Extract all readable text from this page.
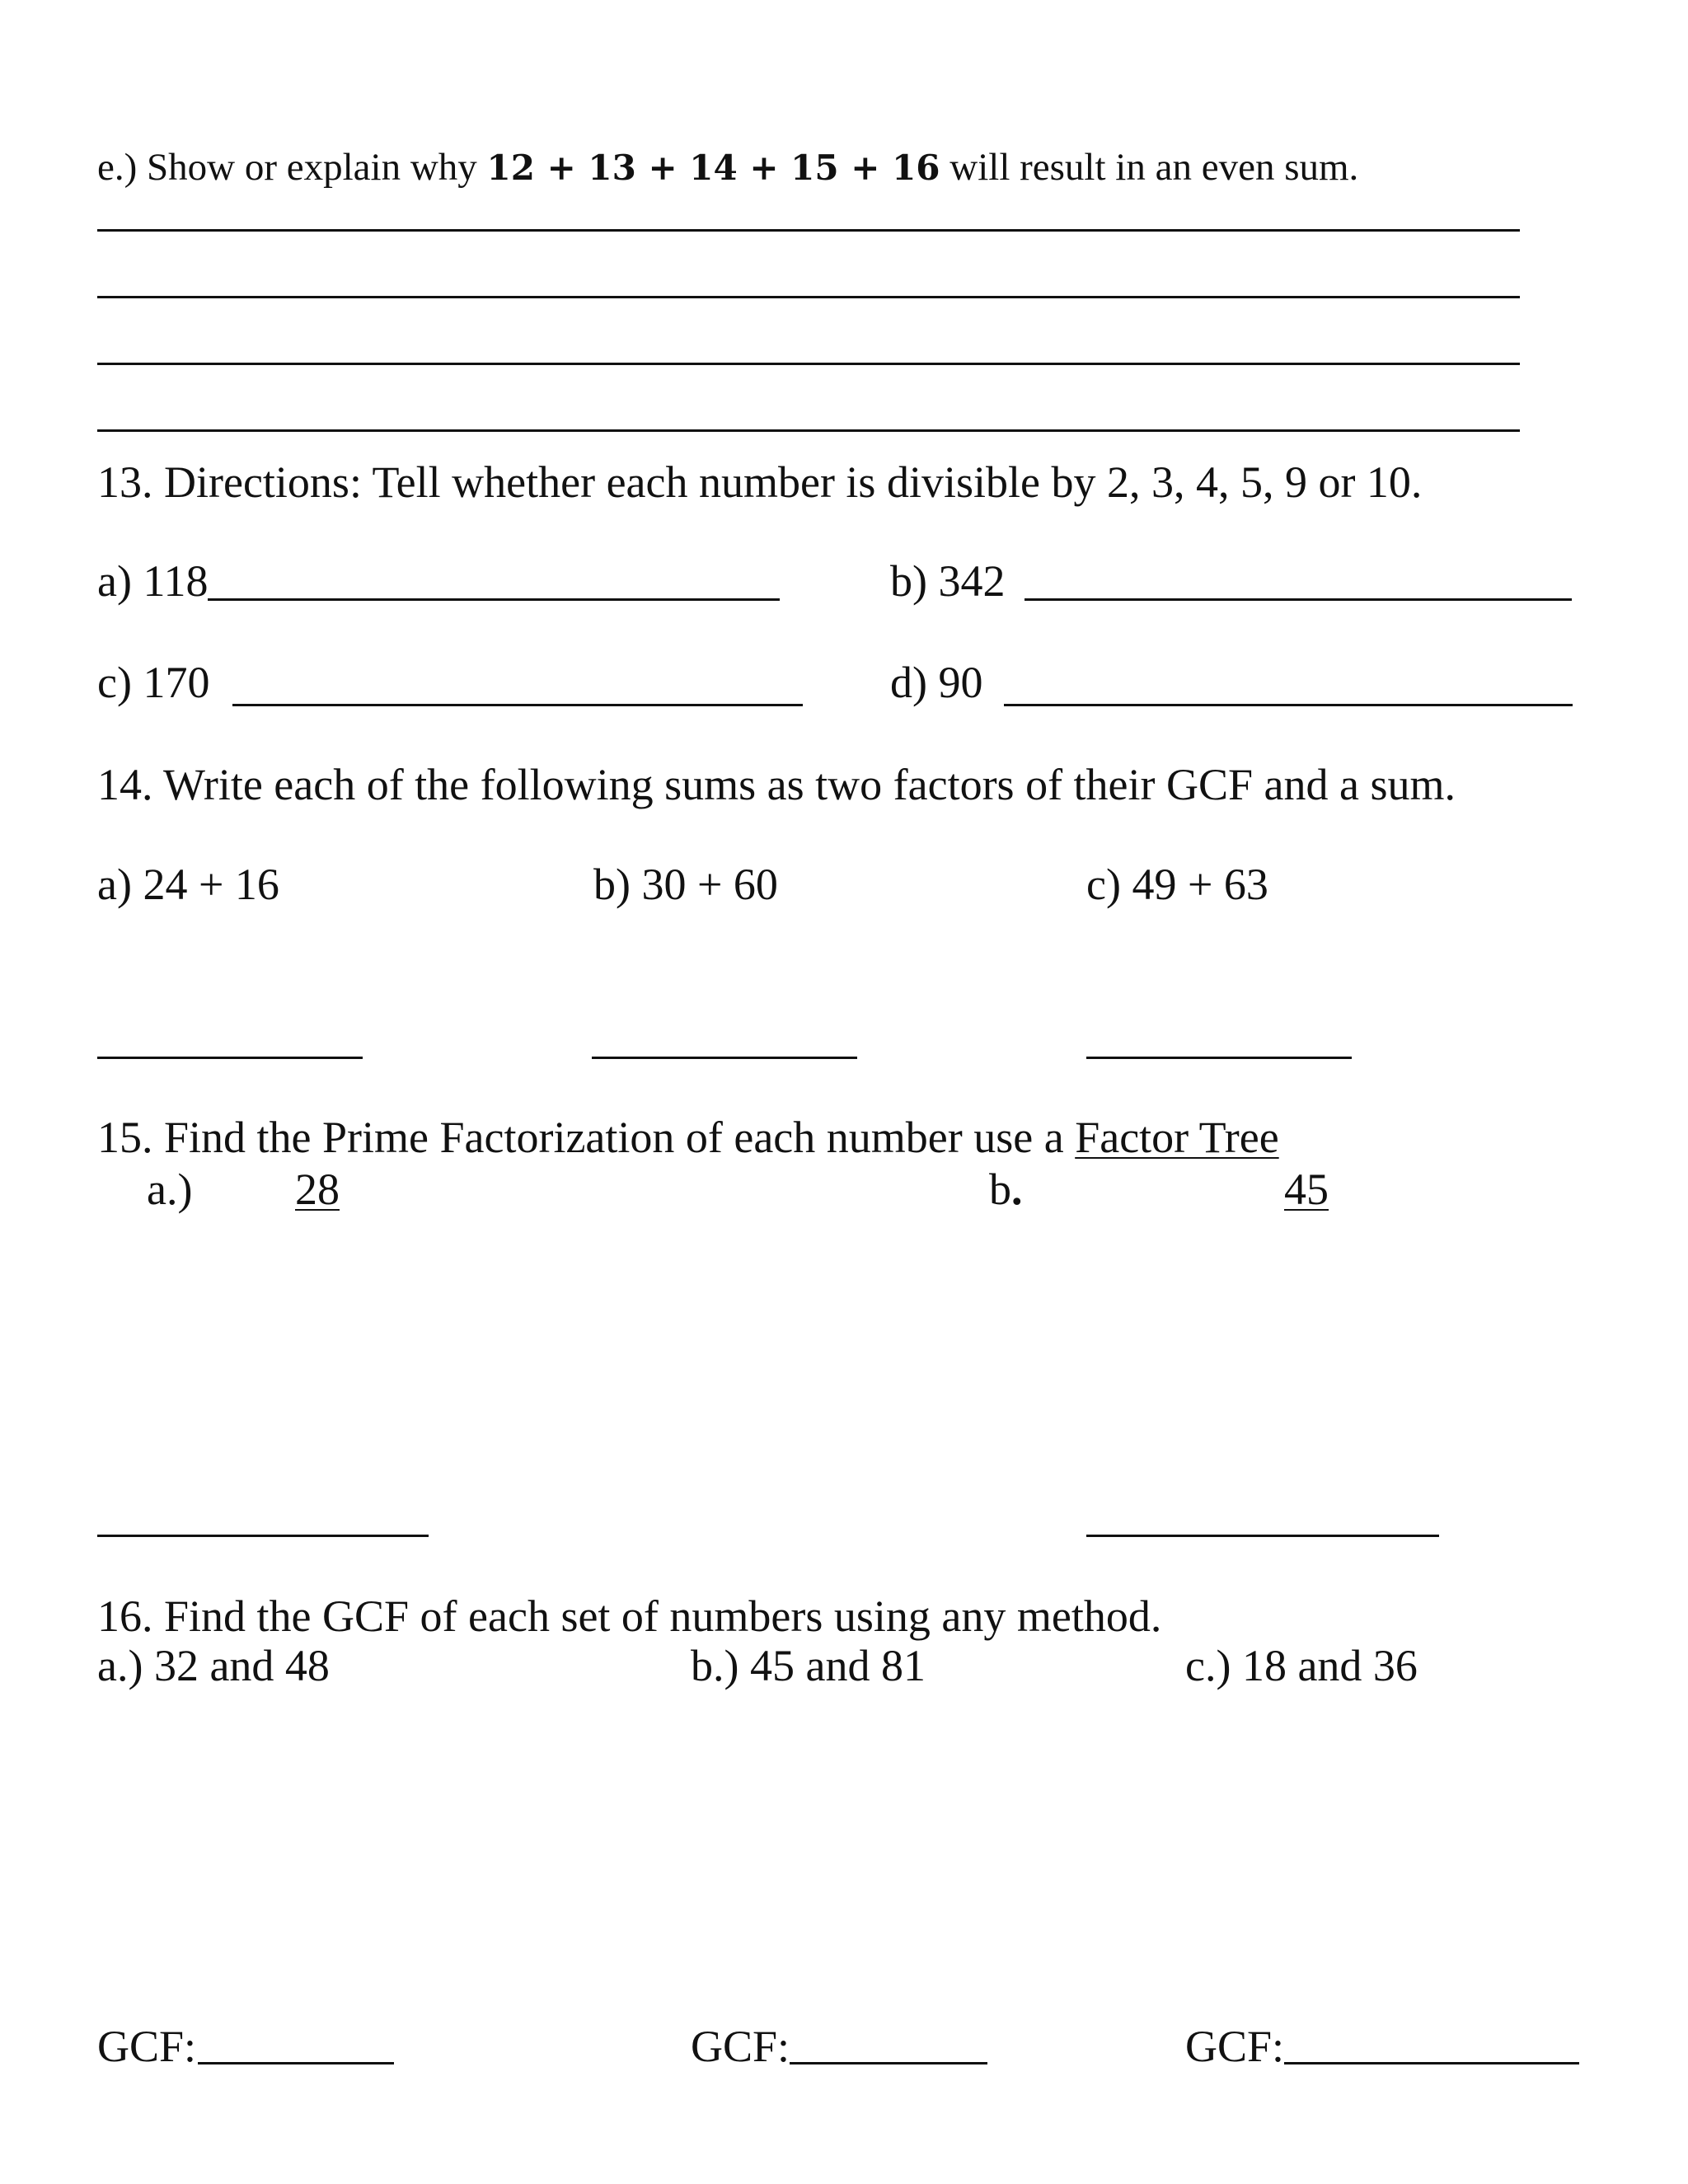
e.) Show or explain why 12 + 13 + 14 + 15 + 16 will result in an even sum.
13. Directions: Tell whether each number is divisible by 2, 3, 4, 5, 9 or 10.
a) 118	b) 342
c) 170	d) 90
14. Write each of the following sums as two factors of their GCF and a sum.
a) 24 + 16	b) 30 + 60	c) 49 + 63
15. Find the Prime Factorization of each number use a Factor Tree
a.) 28	b.	45
16. Find the GCF of each set of numbers using any method.
a.) 32 and 48	b.) 45 and 81	c.) 18 and 36
GCF:	GCF:	GCF:
